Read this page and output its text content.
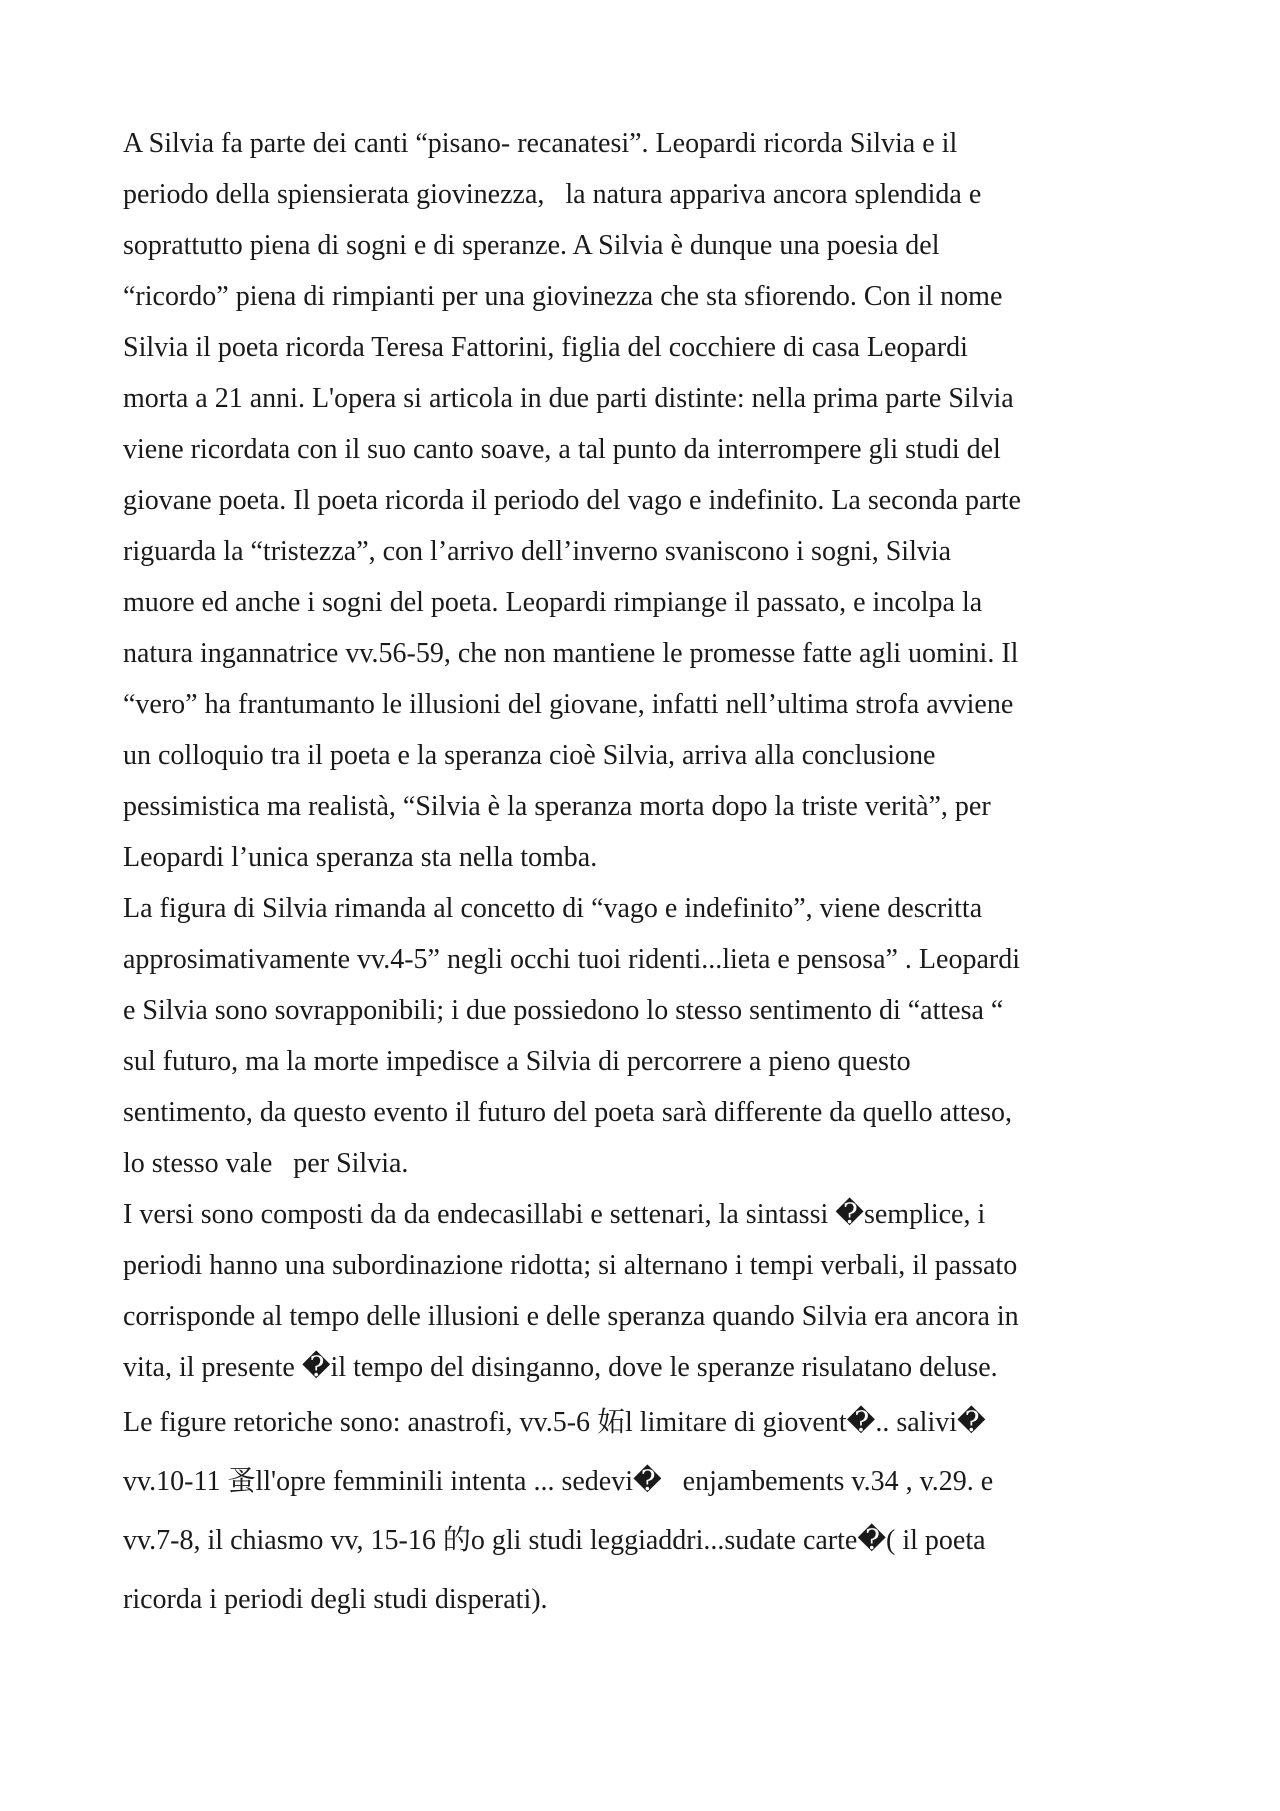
A Silvia fa parte dei canti “pisano- recanatesi”. Leopardi ricorda Silvia e il
periodo della spiensierata giovinezza,   la natura appariva ancora splendida e
soprattutto piena di sogni e di speranze. A Silvia è dunque una poesia del
“ricordo” piena di rimpianti per una giovinezza che sta sfiorendo. Con il nome
Silvia il poeta ricorda Teresa Fattorini, figlia del cocchiere di casa Leopardi
morta a 21 anni. L'opera si articola in due parti distinte: nella prima parte Silvia
viene ricordata con il suo canto soave, a tal punto da interrompere gli studi del
giovane poeta. Il poeta ricorda il periodo del vago e indefinito. La seconda parte
riguarda la “tristezza”, con l’arrivo dell’inverno svaniscono i sogni, Silvia
muore ed anche i sogni del poeta. Leopardi rimpiange il passato, e incolpa la
natura ingannatrice vv.56-59, che non mantiene le promesse fatte agli uomini. Il
“vero” ha frantumanto le illusioni del giovane, infatti nell’ultima strofa avviene
un colloquio tra il poeta e la speranza cioè Silvia, arriva alla conclusione
pessimistica ma realistà, “Silvia è la speranza morta dopo la triste verità”, per
Leopardi l’unica speranza sta nella tomba.
La figura di Silvia rimanda al concetto di “vago e indefinito”, viene descritta
approsimativamente vv.4-5” negli occhi tuoi ridenti...lieta e pensosa” . Leopardi
e Silvia sono sovrapponibili; i due possiedono lo stesso sentimento di “attesa “
sul futuro, ma la morte impedisce a Silvia di percorrere a pieno questo
sentimento, da questo evento il futuro del poeta sarà differente da quello atteso,
lo stesso vale   per Silvia.
I versi sono composti da da endecasillabi e settenari, la sintassi �semplice, i
periodi hanno una subordinazione ridotta; si alternano i tempi verbali, il passato
corrisponde al tempo delle illusioni e delle speranza quando Silvia era ancora in
vita, il presente �il tempo del disinganno, dove le speranze risulatano deluse.
Le figure retoriche sono: anastrofi, vv.5-6 妬l limitare di giovent�.. salivi�
vv.10-11 蚤ll'opre femminili intenta ... sedevi�   enjambements v.34 , v.29. e
vv.7-8, il chiasmo vv, 15-16 的o gli studi leggiaddri...sudate carte�( il poeta
ricorda i periodi degli studi disperati).
